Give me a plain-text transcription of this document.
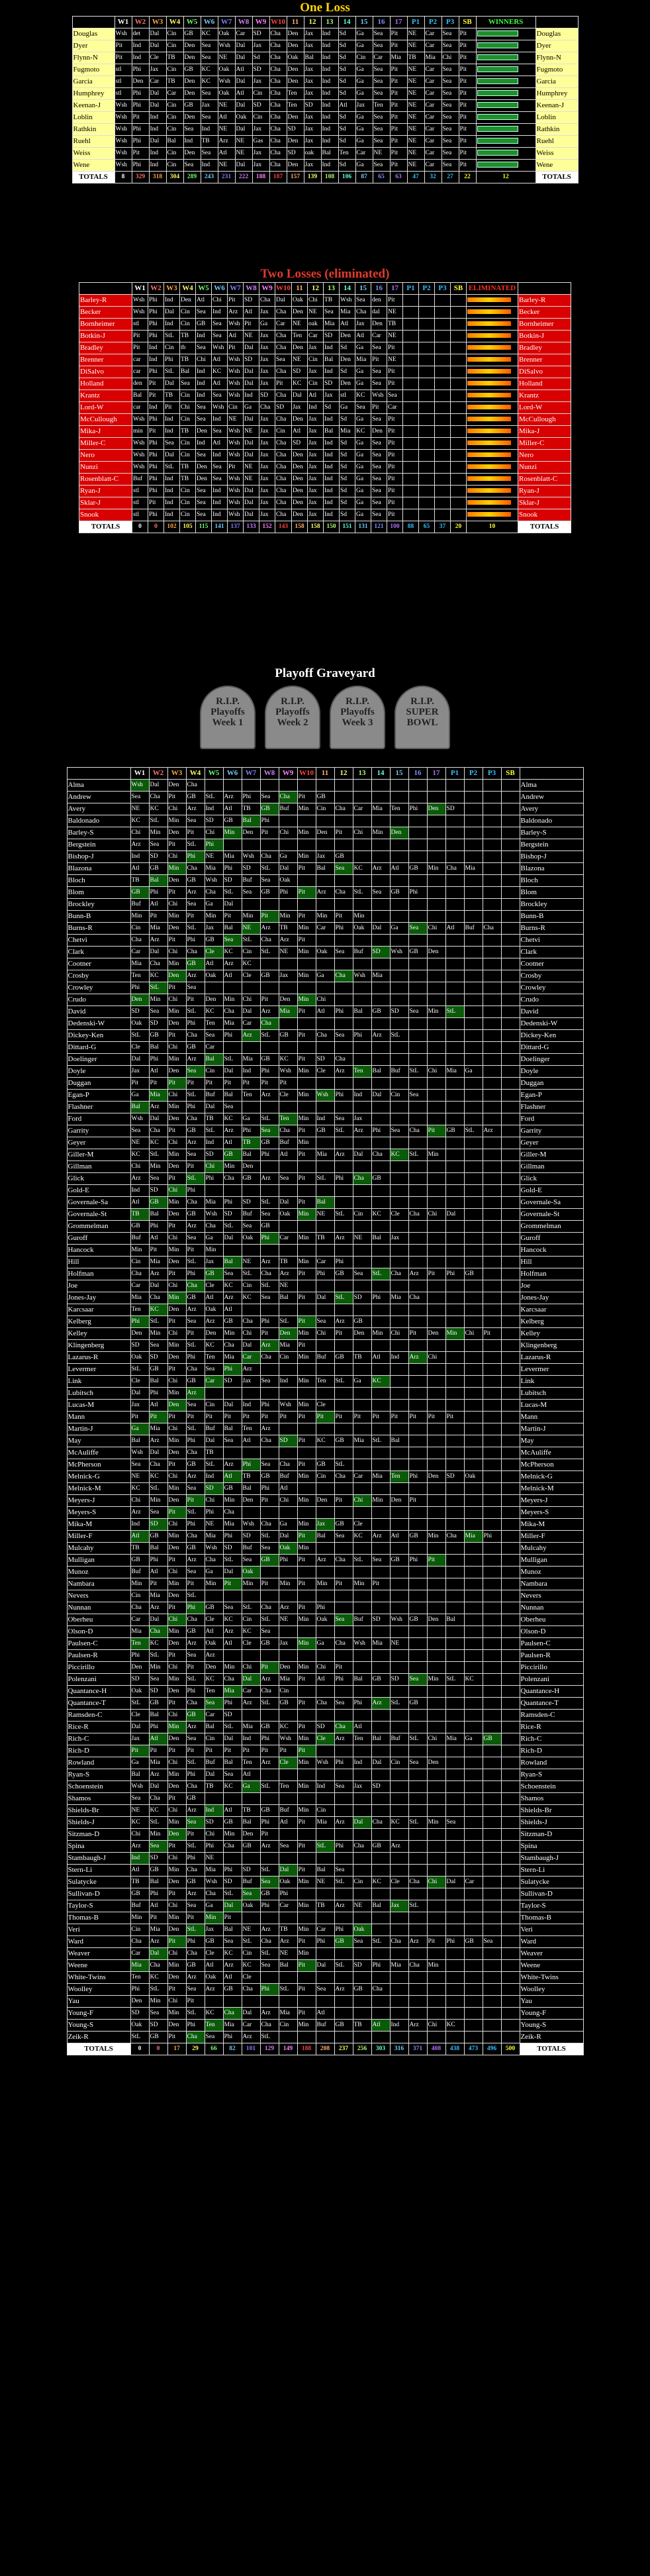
One Loss
PLAYER	W1	W2	W3	W4	W5	W6	W7	W8	W9	W10	11	12	13	14	15	16	17	P1	P2	P3	SB	WINNERS	PLAYER
Douglas	Wsh	det	Dal	Cin	GB	KC	Oak	Car	SD	Cha	Den	Jax	Ind	Sd	Ga	Sea	Pit	NE	Car	Sea	Pit		Douglas
Dyer	Pit	Ind	Dal	Cin	Den	Sea	Wsh	Dal	Jax	Cha	Den	Jax	Ind	Sd	Ga	Sea	Pit	NE	Car	Sea	Pit		Dyer
Flynn-N	Pit	Ind	Cle	TB	Den	Sea	NE	Dal	Sd	Cha	Oak	Bal	Ind	Sd	Cin	Car	Mia	TB	Mia	Chi	Pit		Flynn-N
Fugmoto	stl	Phi	Jax	Cin	GB	KC	Oak	Atl	SD	Cha	Den	Jax	Ind	Sd	Ga	Sea	Pit	NE	Car	Sea	Pit		Fugmoto
Garcia	stl	Den	Car	TB	Den	KC	Wsh	Dal	Jax	Cha	Den	Jax	Ind	Sd	Ga	Sea	Pit	NE	Car	Sea	Pit		Garcia
Humphrey	stl	Phi	Dal	Car	Den	Sea	Oak	Atl	Cin	Cha	Ten	Jax	Ind	Sd	Ga	Sea	Pit	NE	Car	Sea	Pit		Humphrey
Keenan-J	Wsh	Phi	Dal	Cin	GB	Jax	NE	Dal	SD	Cha	Ten	SD	Ind	Atl	Jax	Ten	Pit	NE	Car	Sea	Pit		Keenan-J
Loblin	Wsh	Pit	Ind	Cin	Den	Sea	Atl	Oak	Cin	Cha	Den	Jax	Ind	Sd	Ga	Sea	Pit	NE	Car	Sea	Pit		Loblin
Rathkin	Wsh	Phi	Ind	Cin	Sea	Ind	NE	Dal	Jax	Cha	SD	Jax	Ind	Sd	Ga	Sea	Pit	NE	Car	Sea	Pit		Rathkin
Ruehl	Wsh	Phi	Dal	Bal	Ind	TB	Arz	NE	Gas	Cha	Den	Jax	Ind	Sd	Ga	Sea	Pit	NE	Car	Sea	Pit		Ruehl
Weiss	Wsh	Pit	Ind	Cin	Den	Sea	Atl	NE	Jax	Cha	SD	oak	Bal	Ten	Car	NE	Pit	NE	Car	Sea	Pit		Weiss
Wene	Wsh	Phi	Ind	Cin	Sea	Ind	NE	Dal	Jax	Cha	Den	Jax	Ind	Sd	Ga	Sea	Pit	NE	Car	Sea	Pit		Wene
TOTALS	8	329	318	304	289	243	231	222	188	187	157	139	108	106	87	65	63	47	32	27	22	12	TOTALS
Two Losses (eliminated)
PLAYER	W1	W2	W3	W4	W5	W6	W7	W8	W9	W10	11	12	13	14	15	16	17	P1	P2	P3	SB	ELIMINATED	PLAYER
Barley-R	Wsh	Phi	Ind	Den	Atl	Chi	Pit	SD	Cha	Dal	Oak	Chi	TB	Wsh	Sea	den	Pit						Barley-R
Becker	Wsh	Phi	Dal	Cin	Sea	Ind	Arz	Atl	Jax	Cha	Den	NE	Sea	Mia	Cha	dal	NE						Becker
Bornheimer	stl	Phi	Ind	Cin	GB	Sea	Wsh	Pit	Ga	Car	NE	oak	Mia	Atl	Jax	Den	TB						Bornheimer
Botkin-J	Pit	Phi	StL	TB	Ind	Sea	Atl	NE	Jax	Cha	Ten	Car	SD	Den	Atl	Car	NE						Botkin-J
Bradley	Pit	Ind	Cin	tb	Sea	Wsh	Pit	Dal	Jax	Cha	Den	Jax	Ind	Sd	Ga	Sea	Pit						Bradley
Brenner	car	Ind	Phi	TB	Chi	Atl	Wsh	SD	Jax	Sea	NE	Cin	Bal	Den	Mia	Pit	NE						Brenner
DiSalvo	car	Phi	StL	Bal	Ind	KC	Wsh	Dal	Jax	Cha	SD	Jax	Ind	Sd	Ga	Sea	Pit						DiSalvo
Holland	den	Pit	Dal	Sea	Ind	Atl	Wsh	Dal	Jax	Pit	KC	Cin	SD	Den	Ga	Sea	Pit						Holland
Krantz	Bal	Pit	TB	Cin	Ind	Sea	Wsh	Ind	SD	Cha	Dal	Atl	Jax	stl	KC	Wsh	Sea						Krantz
Lord-W	car	Ind	Pit	Chi	Sea	Wsh	Cin	Ga	Cha	SD	Jax	Ind	Sd	Ga	Sea	Pit	Car						Lord-W
McCullough	Wsh	Phi	Ind	Cin	Sea	Ind	NE	Dal	Jax	Cha	Den	Jax	Ind	Sd	Ga	Sea	Pit						McCullough
Mika-J	min	Pit	Ind	TB	Den	Sea	Wsh	NE	Jax	Cin	Atl	Jax	Bal	Mia	KC	Den	Pit						Mika-J
Miller-C	Wsh	Phi	Sea	Cin	Ind	Atl	Wsh	Dal	Jax	Cha	SD	Jax	Ind	Sd	Ga	Sea	Pit						Miller-C
Nero	Wsh	Phi	Dal	Cin	Sea	Ind	Wsh	Dal	Jax	Cha	Den	Jax	Ind	Sd	Ga	Sea	Pit						Nero
Nunzi	Wsh	Phi	StL	TB	Den	Sea	Pit	NE	Jax	Cha	Den	Jax	Ind	Sd	Ga	Sea	Pit						Nunzi
Rosenblatt-C	Buf	Phi	Ind	TB	Den	Sea	Wsh	NE	Jax	Cha	Den	Jax	Ind	Sd	Ga	Sea	Pit						Rosenblatt-C
Ryan-J	stl	Phi	Ind	Cin	Sea	Ind	Wsh	Dal	Jax	Cha	Den	Jax	Ind	Sd	Ga	Sea	Pit						Ryan-J
Sklar-J	stl	Pit	Ind	Cin	Sea	Ind	Wsh	Dal	Jax	Cha	Den	Jax	Ind	Sd	Ga	Sea	Pit						Sklar-J
Snook	stl	Phi	Ind	Cin	Sea	Ind	Wsh	Dal	Jax	Cha	Den	Jax	Ind	Sd	Ga	Sea	Pit						Snook
TOTALS	0	0	102	105	115	141	137	133	152	143	158	158	150	151	131	121	100	88	65	37	20	10	TOTALS
Playoff Graveyard
R.I.P.
Playoffs
Week 1
R.I.P.
Playoffs
Week 2
R.I.P.
Playoffs
Week 3
R.I.P.
SUPER
BOWL
PLAYER	W1	W2	W3	W4	W5	W6	W7	W8	W9	W10	11	12	13	14	15	16	17	P1	P2	P3	SB	PLAYER
Alma	Wsh	Dal	Den	Cha																		Alma
Andrew	Sea	Cha	Pit	GB	StL	Arz	Phi	Sea	Cha	Pit	GB											Andrew
Avery	NE	KC	Chi	Arz	Ind	Atl	TB	GB	Buf	Min	Cin	Cha	Car	Mia	Ten	Phi	Den	SD				Avery
Baldonado	KC	StL	Min	Sea	SD	GB	Bal	Phi														Baldonado
Barley-S	Chi	Min	Den	Pit	Chi	Min	Den	Pit	Chi	Min	Den	Pit	Chi	Min	Den							Barley-S
Bergstein	Arz	Sea	Pit	StL	Phi																	Bergstein
Bishop-J	Ind	SD	Chi	Phi	NE	Mia	Wsh	Cha	Ga	Min	Jax	GB										Bishop-J
Blazona	Atl	GB	Min	Cha	Mia	Phi	SD	StL	Dal	Pit	Bal	Sea	KC	Arz	Atl	GB	Min	Cha	Mia			Blazona
Bloch	TB	Bal	Den	GB	Wsh	SD	Buf	Sea	Oak													Bloch
Blom	GB	Phi	Pit	Arz	Cha	StL	Sea	GB	Phi	Pit	Arz	Cha	StL	Sea	GB	Phi						Blom
Brockley	Buf	Atl	Chi	Sea	Ga	Dal																Brockley
Bunn-B	Min	Pit	Min	Pit	Min	Pit	Min	Pit	Min	Pit	Min	Pit	Min									Bunn-B
Burns-R	Cin	Mia	Den	StL	Jax	Bal	NE	Arz	TB	Min	Car	Phi	Oak	Dal	Ga	Sea	Chi	Atl	Buf	Cha		Burns-R
Chetvi	Cha	Arz	Pit	Phi	GB	Sea	StL	Cha	Arz	Pit												Chetvi
Clark	Car	Dal	Chi	Cha	Cle	KC	Cin	StL	NE	Min	Oak	Sea	Buf	SD	Wsh	GB	Den					Clark
Cootner	Mia	Cha	Min	GB	Atl	Arz	KC															Cootner
Crosby	Ten	KC	Den	Arz	Oak	Atl	Cle	GB	Jax	Min	Ga	Cha	Wsh	Mia								Crosby
Crowley	Phi	StL	Pit	Sea																		Crowley
Crudo	Den	Min	Chi	Pit	Den	Min	Chi	Pit	Den	Min	Chi											Crudo
David	SD	Sea	Min	StL	KC	Cha	Dal	Arz	Mia	Pit	Atl	Phi	Bal	GB	SD	Sea	Min	StL				David
Dedenski-W	Oak	SD	Den	Phi	Ten	Mia	Car	Cha														Dedenski-W
Dickey-Ken	StL	GB	Pit	Cha	Sea	Phi	Arz	StL	GB	Pit	Cha	Sea	Phi	Arz	StL							Dickey-Ken
Dittard-G	Cle	Bal	Chi	GB	Car																	Dittard-G
Doelinger	Dal	Phi	Min	Arz	Bal	StL	Mia	GB	KC	Pit	SD	Cha										Doelinger
Doyle	Jax	Atl	Den	Sea	Cin	Dal	Ind	Phi	Wsh	Min	Cle	Arz	Ten	Bal	Buf	StL	Chi	Mia	Ga			Doyle
Duggan	Pit	Pit	Pit	Pit	Pit	Pit	Pit	Pit	Pit													Duggan
Egan-P	Ga	Mia	Chi	StL	Buf	Bal	Ten	Arz	Cle	Min	Wsh	Phi	Ind	Dal	Cin	Sea						Egan-P
Flashner	Bal	Arz	Min	Phi	Dal	Sea																Flashner
Ford	Wsh	Dal	Den	Cha	TB	KC	Ga	StL	Ten	Min	Ind	Sea	Jax									Ford
Garrity	Sea	Cha	Pit	GB	StL	Arz	Phi	Sea	Cha	Pit	GB	StL	Arz	Phi	Sea	Cha	Pit	GB	StL	Arz		Garrity
Geyer	NE	KC	Chi	Arz	Ind	Atl	TB	GB	Buf	Min												Geyer
Giller-M	KC	StL	Min	Sea	SD	GB	Bal	Phi	Atl	Pit	Mia	Arz	Dal	Cha	KC	StL	Min					Giller-M
Gillman	Chi	Min	Den	Pit	Chi	Min	Den															Gillman
Glick	Arz	Sea	Pit	StL	Phi	Cha	GB	Arz	Sea	Pit	StL	Phi	Cha	GB								Glick
Gold-E	Ind	SD	Chi	Phi																		Gold-E
Governale-Sa	Atl	GB	Min	Cha	Mia	Phi	SD	StL	Dal	Pit	Bal											Governale-Sa
Governale-St	TB	Bal	Den	GB	Wsh	SD	Buf	Sea	Oak	Min	NE	StL	Cin	KC	Cle	Cha	Chi	Dal				Governale-St
Grommelman	GB	Phi	Pit	Arz	Cha	StL	Sea	GB														Grommelman
Guroff	Buf	Atl	Chi	Sea	Ga	Dal	Oak	Phi	Car	Min	TB	Arz	NE	Bal	Jax							Guroff
Hancock	Min	Pit	Min	Pit	Min																	Hancock
Hill	Cin	Mia	Den	StL	Jax	Bal	NE	Arz	TB	Min	Car	Phi										Hill
Holfman	Cha	Arz	Pit	Phi	GB	Sea	StL	Cha	Arz	Pit	Phi	GB	Sea	StL	Cha	Arz	Pit	Phi	GB			Holfman
Joe	Car	Dal	Chi	Cha	Cle	KC	Cin	StL	NE													Joe
Jones-Jay	Mia	Cha	Min	GB	Atl	Arz	KC	Sea	Bal	Pit	Dal	StL	SD	Phi	Mia	Cha						Jones-Jay
Karcsaar	Ten	KC	Den	Arz	Oak	Atl																Karcsaar
Kelberg	Phi	StL	Pit	Sea	Arz	GB	Cha	Phi	StL	Pit	Sea	Arz	GB									Kelberg
Kelley	Den	Min	Chi	Pit	Den	Min	Chi	Pit	Den	Min	Chi	Pit	Den	Min	Chi	Pit	Den	Min	Chi	Pit		Kelley
Klingenberg	SD	Sea	Min	StL	KC	Cha	Dal	Arz	Mia	Pit												Klingenberg
Lazarus-R	Oak	SD	Den	Phi	Ten	Mia	Car	Cha	Cin	Min	Buf	GB	TB	Atl	Ind	Arz	Chi					Lazarus-R
Levermer	StL	GB	Pit	Cha	Sea	Phi	Arz															Levermer
Link	Cle	Bal	Chi	GB	Car	SD	Jax	Sea	Ind	Min	Ten	StL	Ga	KC								Link
Lubitsch	Dal	Phi	Min	Arz																		Lubitsch
Lucas-M	Jax	Atl	Den	Sea	Cin	Dal	Ind	Phi	Wsh	Min	Cle											Lucas-M
Mann	Pit	Pit	Pit	Pit	Pit	Pit	Pit	Pit	Pit	Pit	Pit	Pit	Pit	Pit	Pit	Pit	Pit	Pit				Mann
Martin-J	Ga	Mia	Chi	StL	Buf	Bal	Ten	Arz														Martin-J
May	Bal	Arz	Min	Phi	Dal	Sea	Atl	Cha	SD	Pit	KC	GB	Mia	StL	Bal							May
McAuliffe	Wsh	Dal	Den	Cha	TB																	McAuliffe
McPherson	Sea	Cha	Pit	GB	StL	Arz	Phi	Sea	Cha	Pit	GB	StL										McPherson
Melnick-G	NE	KC	Chi	Arz	Ind	Atl	TB	GB	Buf	Min	Cin	Cha	Car	Mia	Ten	Phi	Den	SD	Oak			Melnick-G
Melnick-M	KC	StL	Min	Sea	SD	GB	Bal	Phi	Atl													Melnick-M
Meyers-J	Chi	Min	Den	Pit	Chi	Min	Den	Pit	Chi	Min	Den	Pit	Chi	Min	Den	Pit						Meyers-J
Meyers-S	Arz	Sea	Pit	StL	Phi	Cha																Meyers-S
Mika-M	Ind	SD	Chi	Phi	NE	Mia	Wsh	Cha	Ga	Min	Jax	GB	Cle									Mika-M
Miller-F	Atl	GB	Min	Cha	Mia	Phi	SD	StL	Dal	Pit	Bal	Sea	KC	Arz	Atl	GB	Min	Cha	Mia	Phi		Miller-F
Mulcahy	TB	Bal	Den	GB	Wsh	SD	Buf	Sea	Oak	Min												Mulcahy
Mulligan	GB	Phi	Pit	Arz	Cha	StL	Sea	GB	Phi	Pit	Arz	Cha	StL	Sea	GB	Phi	Pit					Mulligan
Munoz	Buf	Atl	Chi	Sea	Ga	Dal	Oak															Munoz
Nambara	Min	Pit	Min	Pit	Min	Pit	Min	Pit	Min	Pit	Min	Pit	Min	Pit								Nambara
Nevers	Cin	Mia	Den	StL																		Nevers
Nunnan	Cha	Arz	Pit	Phi	GB	Sea	StL	Cha	Arz	Pit	Phi											Nunnan
Oberheu	Car	Dal	Chi	Cha	Cle	KC	Cin	StL	NE	Min	Oak	Sea	Buf	SD	Wsh	GB	Den	Bal				Oberheu
Olson-D	Mia	Cha	Min	GB	Atl	Arz	KC	Sea														Olson-D
Paulsen-C	Ten	KC	Den	Arz	Oak	Atl	Cle	GB	Jax	Min	Ga	Cha	Wsh	Mia	NE							Paulsen-C
Paulsen-R	Phi	StL	Pit	Sea	Arz																	Paulsen-R
Piccirillo	Den	Min	Chi	Pit	Den	Min	Chi	Pit	Den	Min	Chi	Pit										Piccirillo
Polenzani	SD	Sea	Min	StL	KC	Cha	Dal	Arz	Mia	Pit	Atl	Phi	Bal	GB	SD	Sea	Min	StL	KC			Polenzani
Quantance-H	Oak	SD	Den	Phi	Ten	Mia	Car	Cha	Cin													Quantance-H
Quantance-T	StL	GB	Pit	Cha	Sea	Phi	Arz	StL	GB	Pit	Cha	Sea	Phi	Arz	StL	GB						Quantance-T
Ramsden-C	Cle	Bal	Chi	GB	Car	SD																Ramsden-C
Rice-R	Dal	Phi	Min	Arz	Bal	StL	Mia	GB	KC	Pit	SD	Cha	Atl									Rice-R
Rich-C	Jax	Atl	Den	Sea	Cin	Dal	Ind	Phi	Wsh	Min	Cle	Arz	Ten	Bal	Buf	StL	Chi	Mia	Ga	GB		Rich-C
Rich-D	Pit	Pit	Pit	Pit	Pit	Pit	Pit	Pit	Pit	Pit												Rich-D
Rowland	Ga	Mia	Chi	StL	Buf	Bal	Ten	Arz	Cle	Min	Wsh	Phi	Ind	Dal	Cin	Sea	Den					Rowland
Ryan-S	Bal	Arz	Min	Phi	Dal	Sea	Atl															Ryan-S
Schoenstein	Wsh	Dal	Den	Cha	TB	KC	Ga	StL	Ten	Min	Ind	Sea	Jax	SD								Schoenstein
Shamos	Sea	Cha	Pit	GB																		Shamos
Shields-Br	NE	KC	Chi	Arz	Ind	Atl	TB	GB	Buf	Min	Cin											Shields-Br
Shields-J	KC	StL	Min	Sea	SD	GB	Bal	Phi	Atl	Pit	Mia	Arz	Dal	Cha	KC	StL	Min	Sea				Shields-J
Sitzman-D	Chi	Min	Den	Pit	Chi	Min	Den	Pit														Sitzman-D
Spina	Arz	Sea	Pit	StL	Phi	Cha	GB	Arz	Sea	Pit	StL	Phi	Cha	GB	Arz							Spina
Stambaugh-J	Ind	SD	Chi	Phi	NE																	Stambaugh-J
Stern-Li	Atl	GB	Min	Cha	Mia	Phi	SD	StL	Dal	Pit	Bal	Sea										Stern-Li
Sulatycke	TB	Bal	Den	GB	Wsh	SD	Buf	Sea	Oak	Min	NE	StL	Cin	KC	Cle	Cha	Chi	Dal	Car			Sulatycke
Sullivan-D	GB	Phi	Pit	Arz	Cha	StL	Sea	GB	Phi													Sullivan-D
Taylor-S	Buf	Atl	Chi	Sea	Ga	Dal	Oak	Phi	Car	Min	TB	Arz	NE	Bal	Jax	StL						Taylor-S
Thomas-B	Min	Pit	Min	Pit	Min	Pit																Thomas-B
Veri	Cin	Mia	Den	StL	Jax	Bal	NE	Arz	TB	Min	Car	Phi	Oak									Veri
Ward	Cha	Arz	Pit	Phi	GB	Sea	StL	Cha	Arz	Pit	Phi	GB	Sea	StL	Cha	Arz	Pit	Phi	GB	Sea		Ward
Weaver	Car	Dal	Chi	Cha	Cle	KC	Cin	StL	NE	Min												Weaver
Weene	Mia	Cha	Min	GB	Atl	Arz	KC	Sea	Bal	Pit	Dal	StL	SD	Phi	Mia	Cha	Min					Weene
White-Twins	Ten	KC	Den	Arz	Oak	Atl	Cle															White-Twins
Woolley	Phi	StL	Pit	Sea	Arz	GB	Cha	Phi	StL	Pit	Sea	Arz	GB	Cha								Woolley
Yau	Den	Min	Chi	Pit																		Yau
Young-F	SD	Sea	Min	StL	KC	Cha	Dal	Arz	Mia	Pit	Atl											Young-F
Young-S	Oak	SD	Den	Phi	Ten	Mia	Car	Cha	Cin	Min	Buf	GB	TB	Atl	Ind	Arz	Chi	KC				Young-S
Zeik-R	StL	GB	Pit	Cha	Sea	Phi	Arz	StL														Zeik-R
TOTALS	0	0	17	29	66	82	101	129	149	188	208	237	256	303	316	371	408	438	473	496	500	TOTALS
